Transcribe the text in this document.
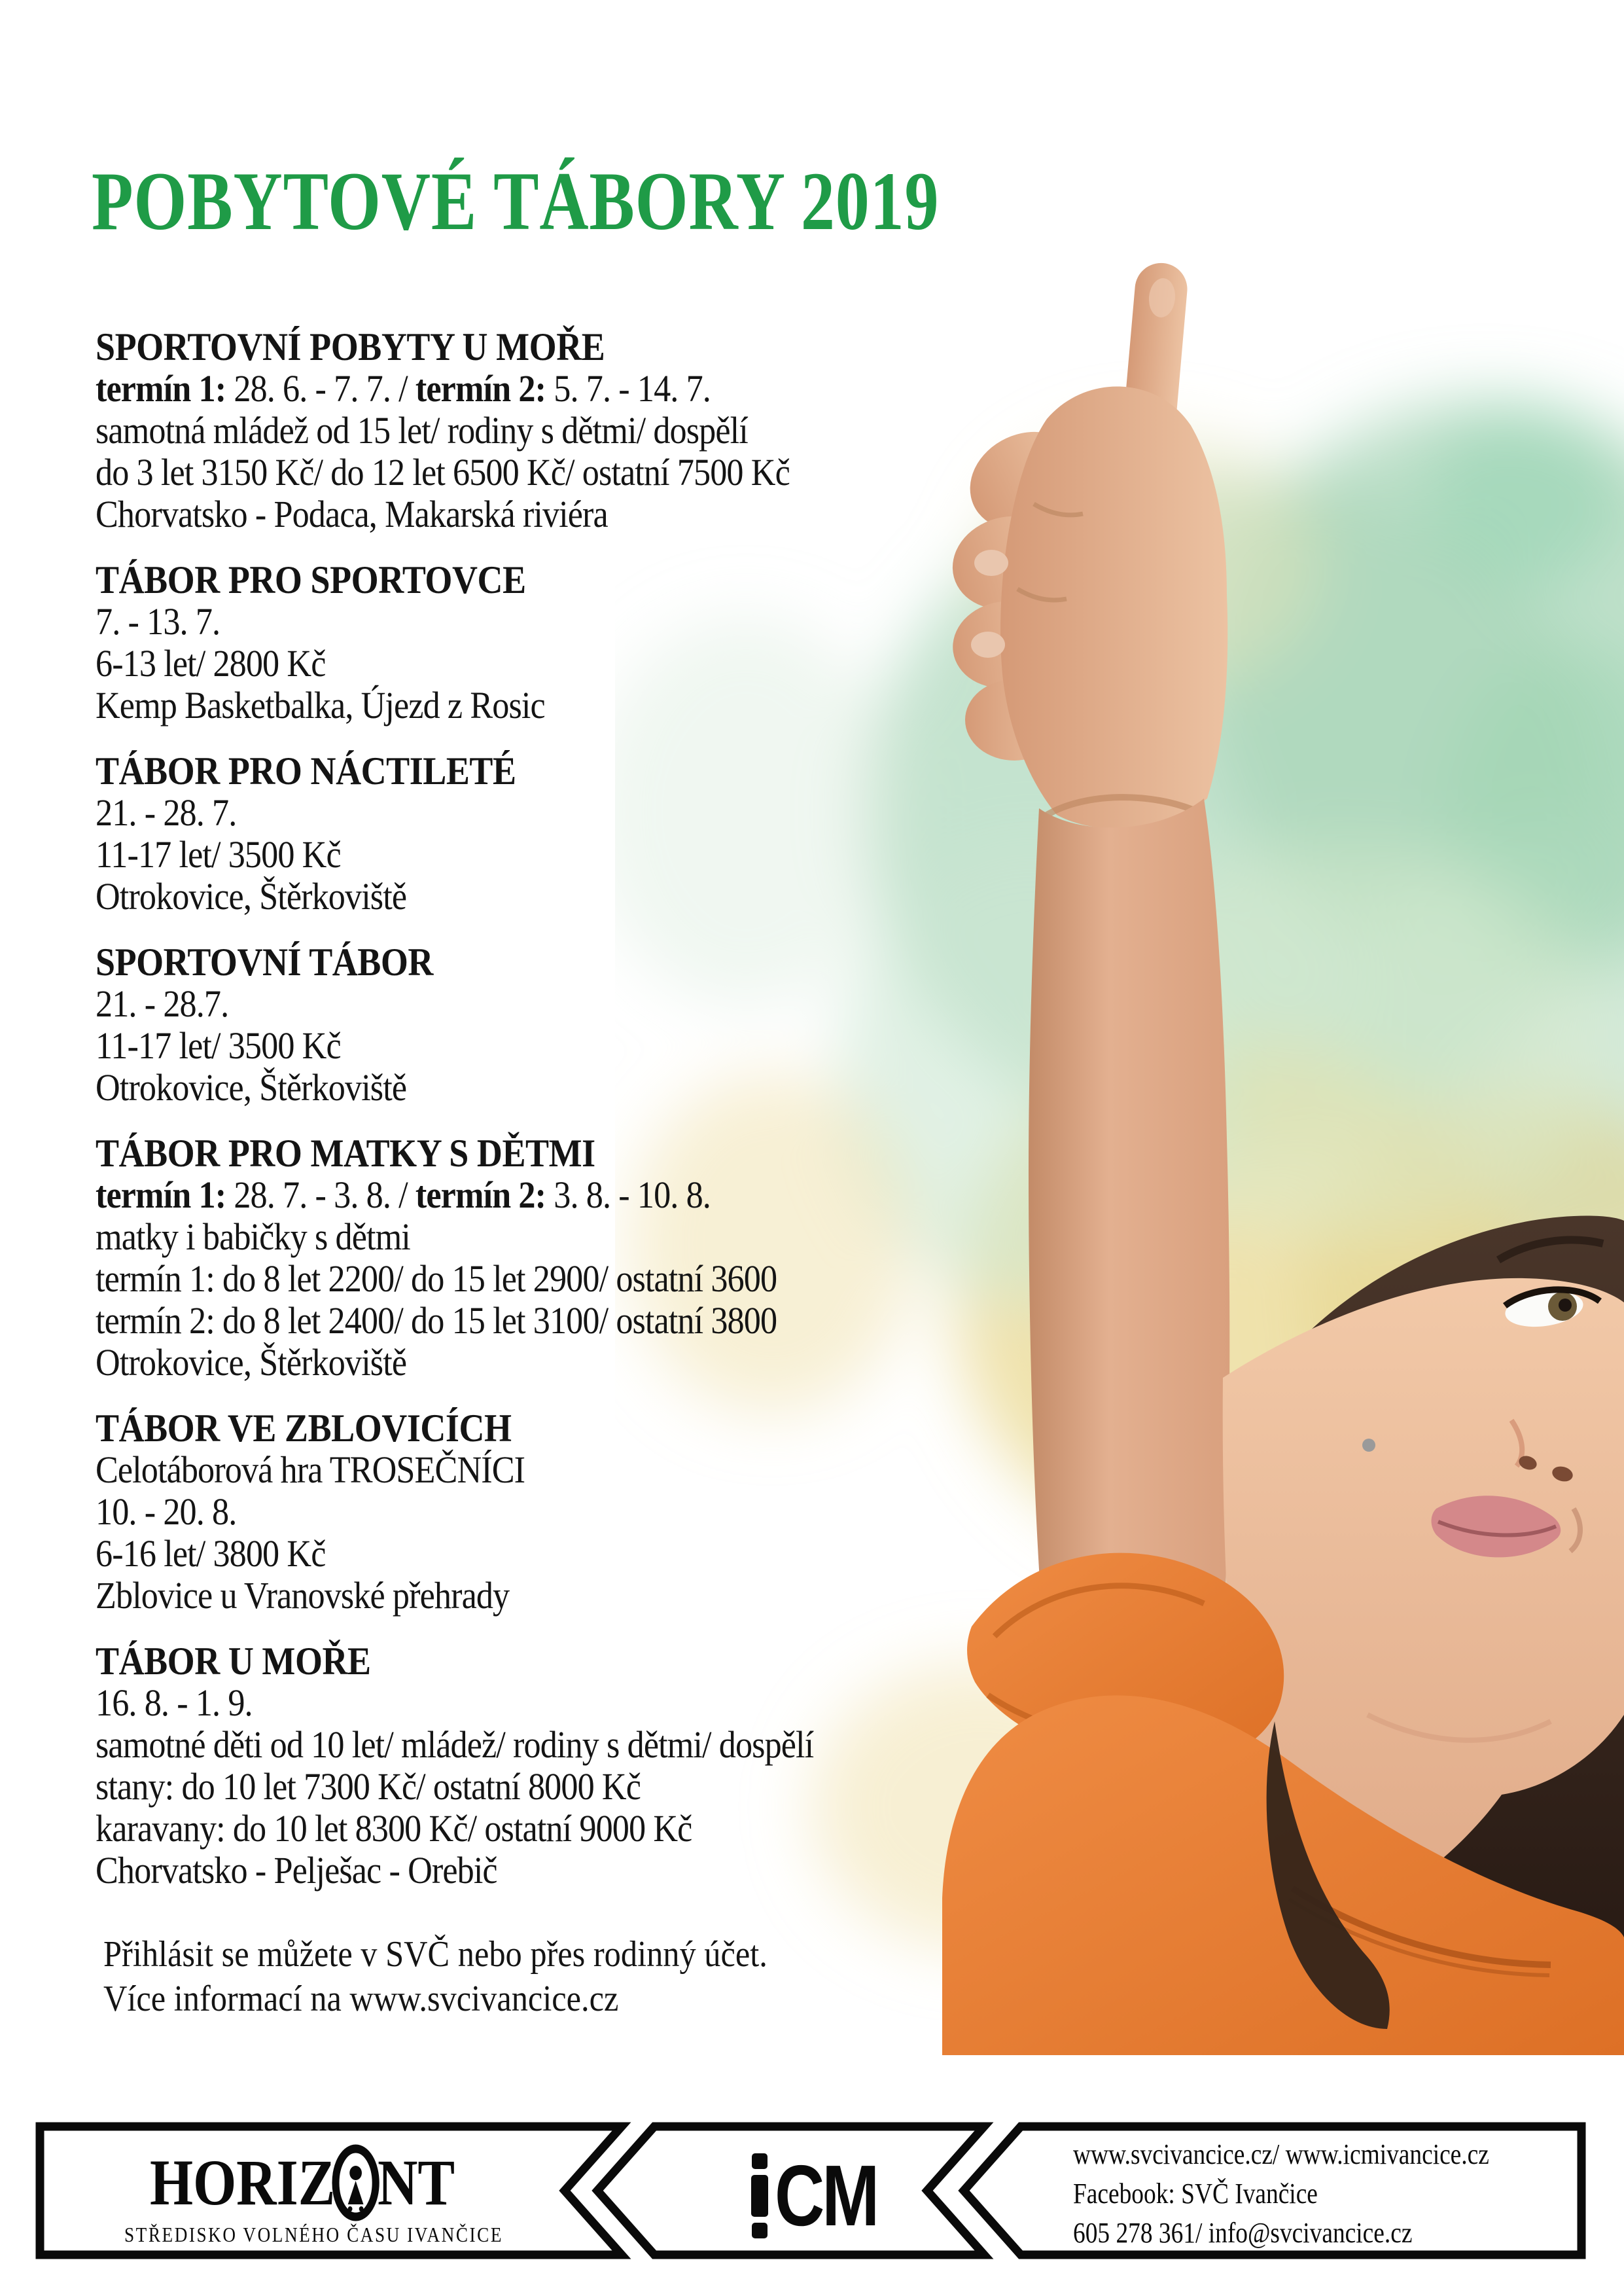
POBYTOVÉ TÁBORY 2019
SPORTOVNÍ POBYTY U MOŘE
termín 1: 28. 6. - 7. 7. / termín 2: 5. 7. - 14. 7.
samotná mládež od 15 let/ rodiny s dětmi/ dospělí
do 3 let 3150 Kč/ do 12 let 6500 Kč/ ostatní 7500 Kč
Chorvatsko - Podaca, Makarská riviéra
TÁBOR PRO SPORTOVCE
7. - 13. 7.
6-13 let/ 2800 Kč
Kemp Basketbalka, Újezd z Rosic
TÁBOR PRO NÁCTILETÉ
21. - 28. 7.
11-17 let/ 3500 Kč
Otrokovice, Štěrkoviště
SPORTOVNÍ TÁBOR
21. - 28.7.
11-17 let/ 3500 Kč
Otrokovice, Štěrkoviště
TÁBOR PRO MATKY S DĚTMI
termín 1: 28. 7. - 3. 8. / termín 2: 3. 8. - 10. 8.
matky i babičky s dětmi
termín 1: do 8 let 2200/ do 15 let 2900/ ostatní 3600
termín 2: do 8 let 2400/ do 15 let 3100/ ostatní 3800
Otrokovice, Štěrkoviště
TÁBOR VE ZBLOVICÍCH
Celotáborová hra TROSEČNÍCI
10. - 20. 8.
6-16 let/ 3800 Kč
Zblovice u Vranovské přehrady
TÁBOR U MOŘE
16. 8. - 1. 9.
samotné děti od 10 let/ mládež/ rodiny s dětmi/ dospělí
stany: do 10 let 7300 Kč/ ostatní 8000 Kč
karavany: do 10 let 8300 Kč/ ostatní 9000 Kč
Chorvatsko - Pelješac - Orebič
Přihlásit se můžete v SVČ nebo přes rodinný účet.
Více informací na www.svcivancice.cz
HORIZ NT
STŘEDISKO VOLNÉHO ČASU IVANČICE	CM	www.svcivancice.cz/ www.icmivancice.cz
Facebook: SVČ Ivančice
605 278 361/ info@svcivancice.cz
